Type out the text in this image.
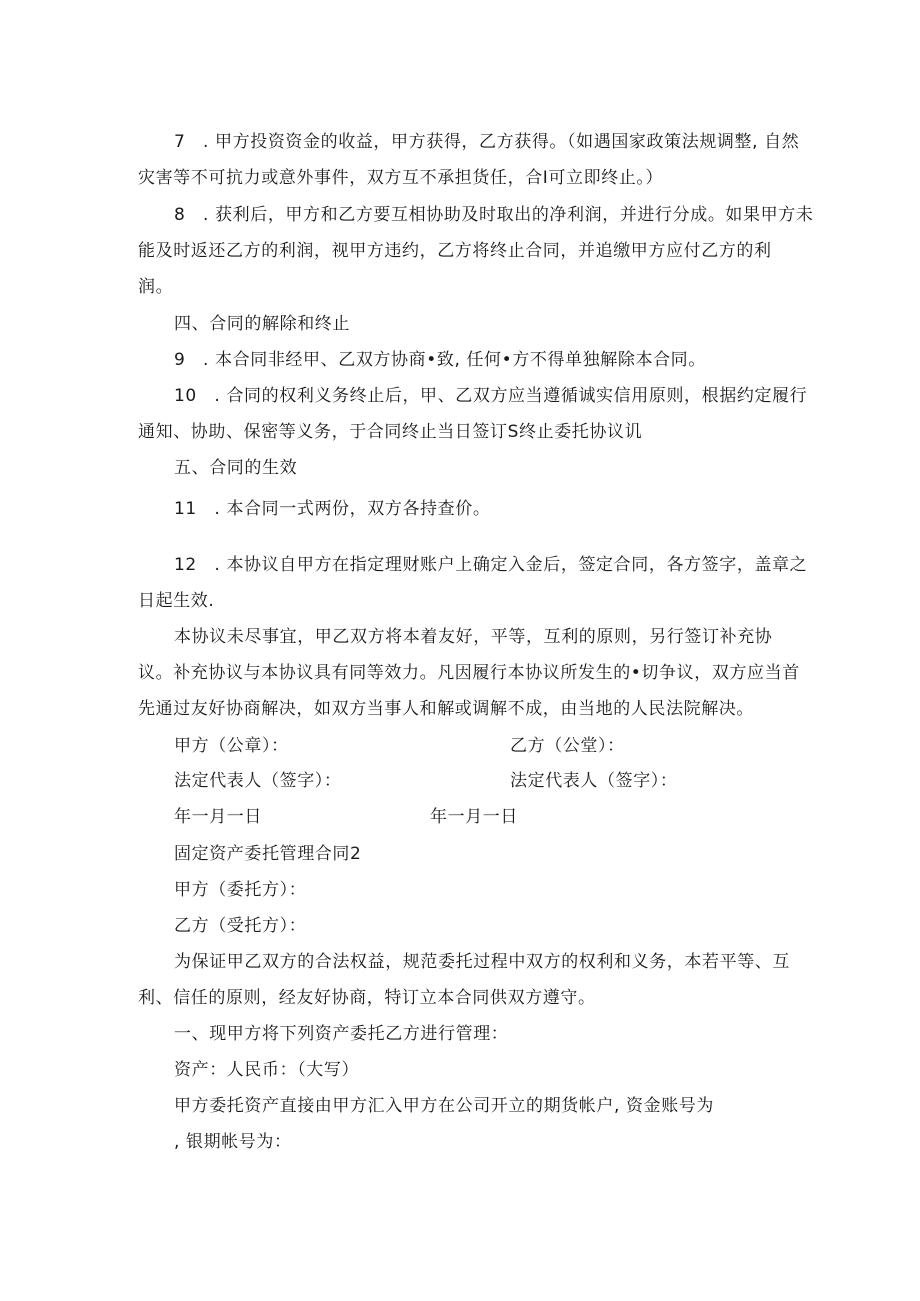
7　. 甲方投资资金的收益，甲方获得，乙方获得。（如遇国家政策法规调整, 自然
灾害等不可抗力或意外事件，双方互不承担货任，合I可立即终止。）
8　. 获利后，甲方和乙方要互相协助及时取出的净利润，并进行分成。如果甲方未
能及时返还乙方的利润，视甲方违约，乙方将终止合同，并追缴甲方应付乙方的利
润。
四、合同的解除和终止
9　. 本合同非经甲、乙双方协商•致, 任何•方不得单独解除本合同。
10　. 合同的权利义务终止后，甲、乙双方应当遵循诚实信用原则，根据约定履行
通知、协助、保密等义务，于合同终止当日签订S终止委托协议讥
五、合同的生效
11　. 本合同一式两份，双方各持查价。
12　. 本协议自甲方在指定理财账户上确定入金后，签定合同，各方签字，盖章之
日起生效.
本协议未尽事宜，甲乙双方将本着友好，平等，互利的原则，另行签订补充协
议。补充协议与本协议具有同等效力。凡因履行本协议所发生的•切争议，双方应当首
先通过友好协商解决，如双方当事人和解或调解不成，由当地的人民法院解决。
甲方（公章）：	乙方（公堂）：
法定代表人（签字）：	法定代表人（签字）：
年一月一日	年一月一日
固定资产委托管理合同2
甲方（委托方）：
乙方（受托方）：
为保证甲乙双方的合法权益，规范委托过程中双方的权利和义务，本若平等、互
利、信任的原则，经友好协商，特订立本合同供双方遵守。
一、现甲方将下列资产委托乙方进行管理：
资产：人民币：（大写）
甲方委托资产直接由甲方汇入甲方在公司开立的期货帐户, 资金账号为
, 银期帐号为：
